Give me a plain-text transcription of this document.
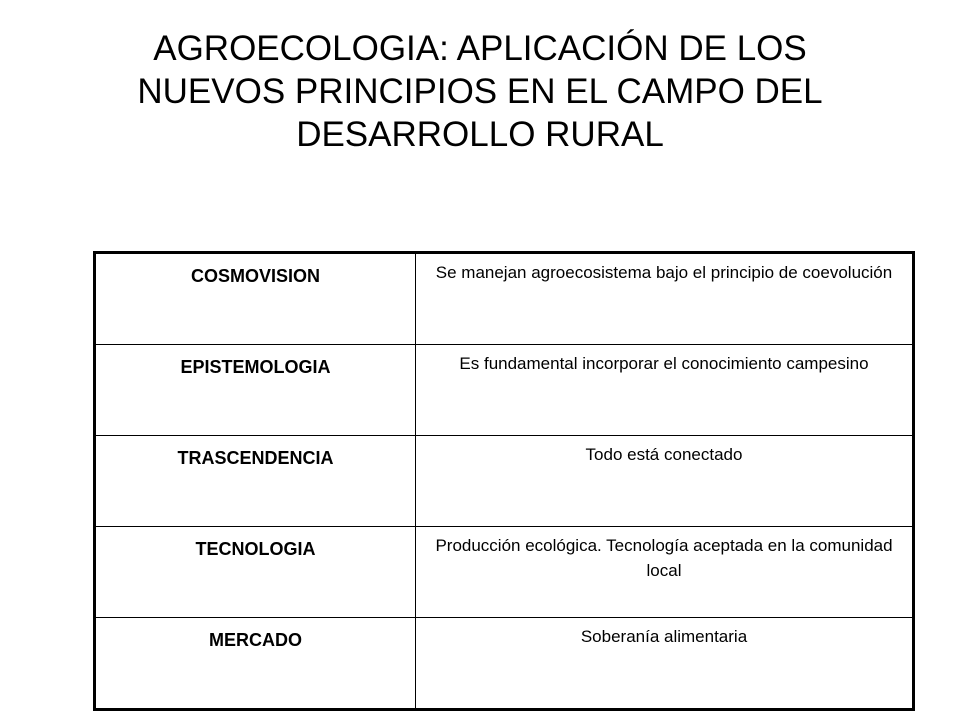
AGROECOLOGIA: APLICACIÓN DE LOS
NUEVOS PRINCIPIOS EN EL CAMPO DEL
DESARROLLO RURAL
COSMOVISION	Se manejan agroecosistema bajo el principio de coevolución
EPISTEMOLOGIA	Es fundamental incorporar el conocimiento campesino
TRASCENDENCIA	Todo está conectado
TECNOLOGIA	Producción ecológica. Tecnología aceptada en la comunidad local
MERCADO	Soberanía alimentaria
